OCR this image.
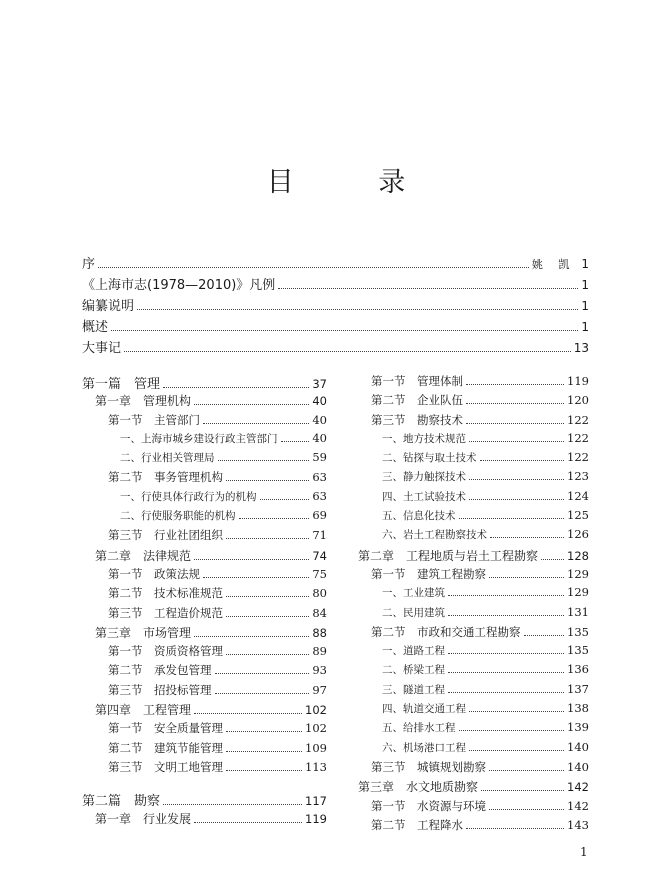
目 录
序	姚 凯 1
《上海市志(1978—2010)》凡例	1
编纂说明	1
概述	1
大事记	13
第一篇　管理	37
第一章　管理机构	40
第一节　主管部门	40
一、上海市城乡建设行政主管部门	40
二、行业相关管理局	59
第二节　事务管理机构	63
一、行使具体行政行为的机构	63
二、行使服务职能的机构	69
第三节　行业社团组织	71
第二章　法律规范	74
第一节　政策法规	75
第二节　技术标准规范	80
第三节　工程造价规范	84
第三章　市场管理	88
第一节　资质资格管理	89
第二节　承发包管理	93
第三节　招投标管理	97
第四章　工程管理	102
第一节　安全质量管理	102
第二节　建筑节能管理	109
第三节　文明工地管理	113
第二篇　勘察	117
第一章　行业发展	119
第一节　管理体制	119
第二节　企业队伍	120
第三节　勘察技术	122
一、地方技术规范	122
二、钻探与取土技术	122
三、静力触探技术	123
四、土工试验技术	124
五、信息化技术	125
六、岩土工程勘察技术	126
第二章　工程地质与岩土工程勘察	128
第一节　建筑工程勘察	129
一、工业建筑	129
二、民用建筑	131
第二节　市政和交通工程勘察	135
一、道路工程	135
二、桥梁工程	136
三、隧道工程	137
四、轨道交通工程	138
五、给排水工程	139
六、机场港口工程	140
第三节　城镇规划勘察	140
第三章　水文地质勘察	142
第一节　水资源与环境	142
第二节　工程降水	143
1
